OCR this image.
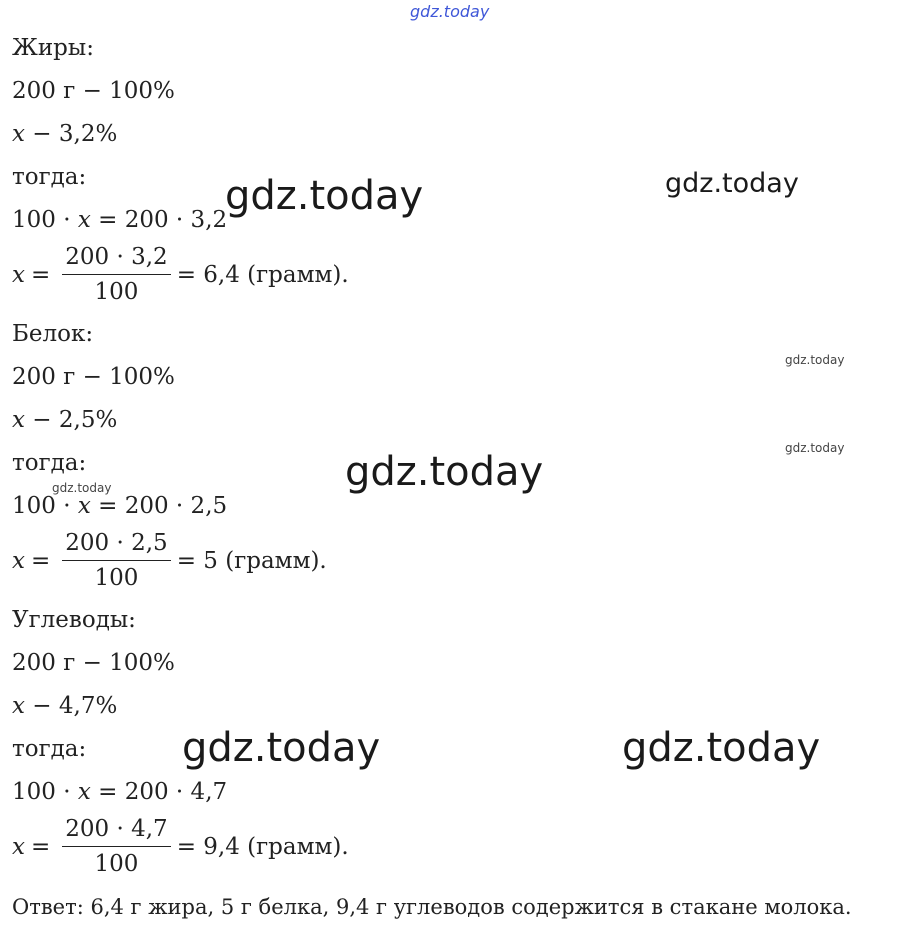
gdz.today
gdz.today	gdz.today
gdz.today
gdz.today
gdz.today
gdz.today
gdz.today	gdz.today
Жиры:
200 г − 100%
x − 3,2%
тогда:
100 · x = 200 · 3,2
$x = \frac{200 \cdot 3,2}{100} = 6,4$ (грамм).
Белок:
200 г − 100%
x − 2,5%
тогда:
100 · x = 200 · 2,5
$x = \frac{200 \cdot 2,5}{100} = 5$ (грамм).
Углеводы:
200 г − 100%
x − 4,7%
тогда:
100 · x = 200 · 4,7
$x = \frac{200 \cdot 4,7}{100} = 9,4$ (грамм).
Ответ: 6,4 г жира, 5 г белка, 9,4 г углеводов содержится в стакане молока.
